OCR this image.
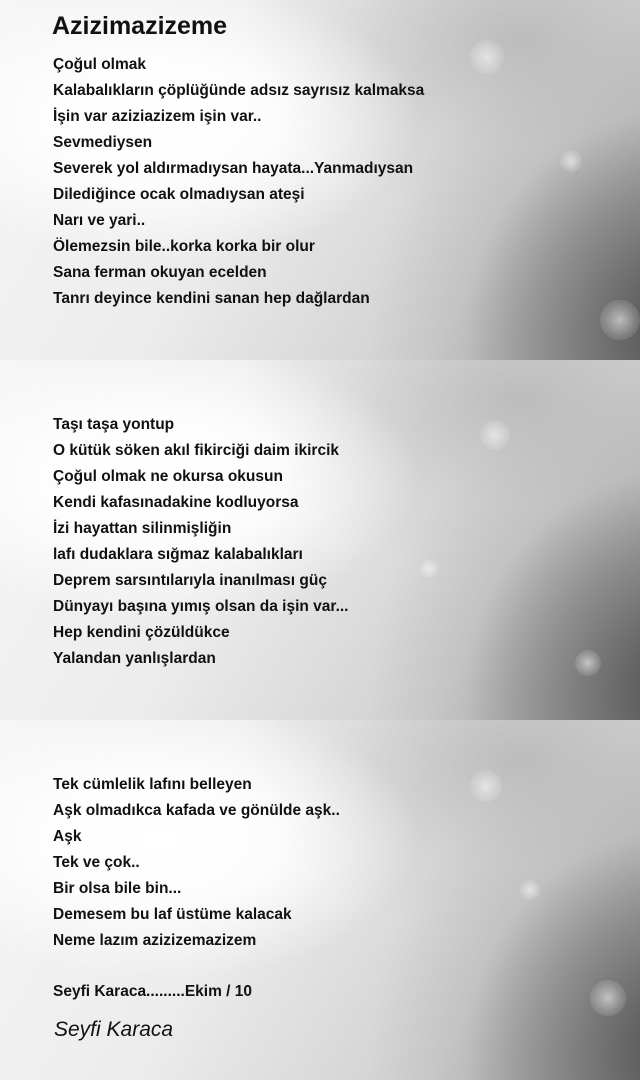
Azizimazizeme
Çoğul olmak
Kalabalıkların çöplüğünde adsız sayrısız kalmaksa
İşin var aziziazizem işin var..
Sevmediysen
Severek yol aldırmadıysan hayata...Yanmadıysan
Dilediğince ocak olmadıysan ateşi
Narı ve yari..
Ölemezsin bile..korka korka bir olur
Sana ferman okuyan ecelden
Tanrı deyince kendini sanan hep dağlardan
Taşı taşa yontup
O kütük söken akıl fikirciği daim ikircik
Çoğul olmak ne okursa okusun
Kendi kafasınadakine kodluyorsa
İzi hayattan silinmişliğin
lafı dudaklara sığmaz kalabalıkları
Deprem sarsıntılarıyla inanılması güç
Dünyayı başına yımış olsan da işin var...
Hep kendini çözüldükce
Yalandan yanlışlardan
Tek cümlelik lafını belleyen
Aşk olmadıkca kafada ve gönülde aşk..
Aşk
Tek ve çok..
Bir olsa bile bin...
Demesem bu laf üstüme kalacak
Neme lazım azizizemazizem
Seyfi Karaca.........Ekim / 10
Seyfi Karaca
